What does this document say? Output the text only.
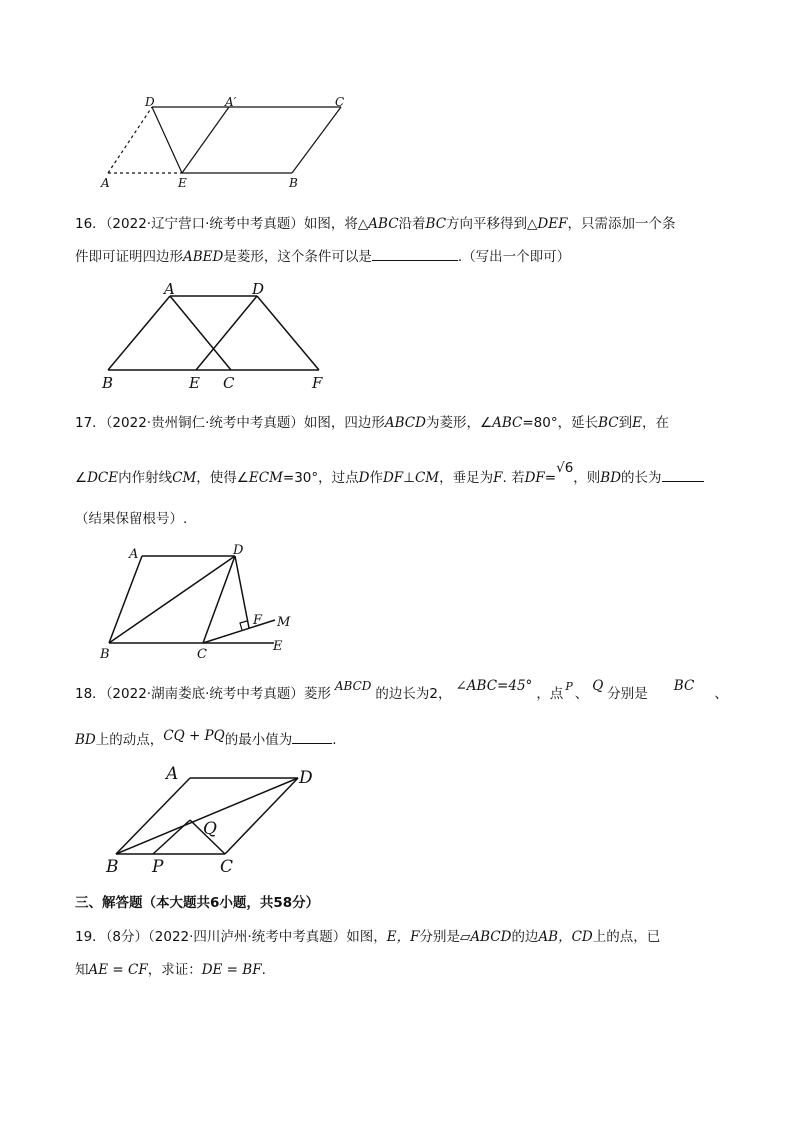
D	A′	C
A	E	B
16．（2022·辽宁营口·统考中考真题）如图，将△ABC沿着BC方向平移得到△DEF，只需添加一个条
件即可证明四边形ABED是菱形，这个条件可以是	.（写出一个即可）
A	D
B	E C	F
17．（2022·贵州铜仁·统考中考真题）如图，四边形ABCD为菱形，∠ABC=80°，延长BC到E，在
∠DCE内作射线CM，使得∠ECM=30°，过点D作DF⊥CM，垂足为F. 若DF=√6，则BD的长为
（结果保留根号）.
A	D
F M
B	C
E
18．（2022·湖南娄底·统考中考真题）菱形 ABCD 的边长为2， ∠ABC=45° ，点 $^P$ 、 Q 分别是 BC 、
BD上的动点，CQ + PQ的最小值为	.
A	D
Q
B P	C
三、解答题（本大题共6小题，共58分）
19．（8分）（2022·四川泸州·统考中考真题）如图，E，F分别是▱ABCD的边AB，CD上的点，已
知AE = CF，求证：DE = BF.
